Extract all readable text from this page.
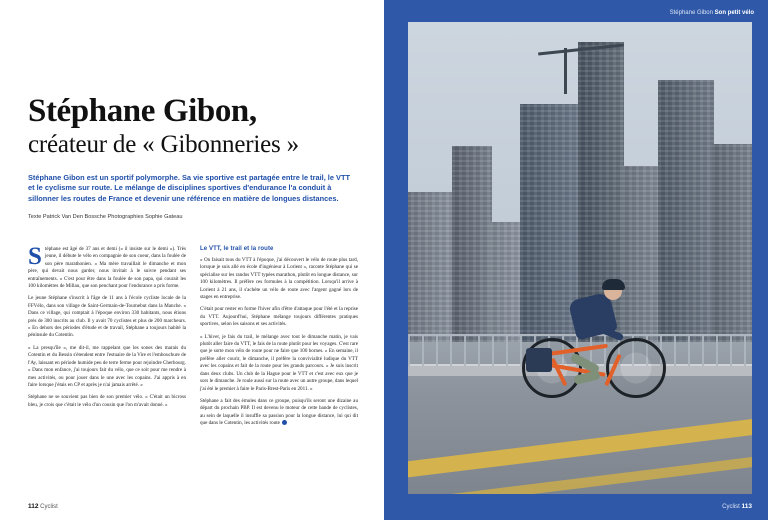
Stéphane Gibon,
créateur de « Gibonneries »
Stéphane Gibon est un sportif polymorphe. Sa vie sportive est partagée entre le trail, le VTT et le cyclisme sur route. Le mélange de disciplines sportives d'endurance l'a conduit à sillonner les routes de France et devenir une référence en matière de longues distances.
Texte Patrick Van Den Bossche Photographies Sophie Gateau

Stéphane est âgé de 37 ans et demi (« il insiste sur le demi »). Très jeune, il débute le vélo en compagnie de son coeur, dans la foulée de son père marathonien. « Ma mère travaillait le dimanche et mon père, qui devait nous garder, nous invitait à le suivre pendant ses entraînements. » C'est pour être dans la foulée de son papa, qui courait les 100 kilomètres de Millau, que son penchant pour l'endurance a pris forme.

Le jeune Stéphane s'inscrit à l'âge de 11 ans à l'école cycliste locale de la FFVélo, dans son village de Saint-Germain-de-Tournebut dans la Manche. « Dans ce village, qui comptait à l'époque environ 330 habitants, nous étions près de 300 inscrits au club. Il y avait 70 cyclistes et plus de 200 marcheurs. » En dehors des périodes d'étude et de travail, Stéphane a toujours habité la péninsule du Cotentin.

« La presqu'île », me dit-il, me rappelant que les sones des marais du Cotentin et du Bessin s'étendent entre l'estuaire de la Vire et l'embouchure de l'Ay, laissant en période humide peu de terre ferme pour rejoindre Cherbourg. « Dans mon enfance, j'ai toujours fait du vélo, que ce soit pour me rendre à mes activités, ou pour jouer dans le une avec les copains. J'ai appris à en faire lorsque j'étais en CP et après je n'ai jamais arrêté. »

Stéphane ne se souvient pas bien de son premier vélo. « C'était un bicross bleu, je crois que c'était le vélo d'un cousin que l'on m'avait donné. »

Le VTT, le trail et la route

« On faisait tous du VTT à l'époque, j'ai découvert le vélo de route plus tard, lorsque je suis allé en école d'ingénieur à Lorient », raconte Stéphane qui se spécialise sur les randos VTT typées marathon, plutôt en longue distance, sur 100 kilomètres. Il préfère ces formules à la compétition. Lorsqu'il arrive à Lorient à 21 ans, il s'achète un vélo de route avec l'argent gagné lors de stages en entreprise.

C'était pour rester en forme l'hiver afin d'être d'attaque pour l'été et la reprise du VTT. Aujourd'hui, Stéphane mélange toujours différentes pratiques sportives, selon les saisons et ses activités.

« L'hiver, je fais du trail, le mélange avec tout le dimanche matin, je vais plutôt aller faire du VTT, le fais de la route plutôt pour les voyages. C'est rare que je sorte mon vélo de route pour ne faire que 100 bornes. » En semaine, il préfère aller courir, le dimanche, il préfère la convivialité ludique du VTT avec les copains et fait de la route pour les grands parcours. « Je suis inscrit dans deux clubs. Un club de la Hague pour le VTT et c'est avec eux que je sors le dimanche. Je roule aussi sur la route avec un autre groupe, dans lequel j'ai été le premier à faire le Paris-Brest-Paris en 2011. »

Stéphane a fait des émules dans ce groupe, puisqu'ils seront une dizaine au départ du prochain PBP. Il est devenu le moteur de cette bande de cyclistes, au sein de laquelle il insuffle sa passion pour la longue distance, lui qui dit que dans le Cotentin, les activités route

112 Cyclist
Stéphane Gibon Son petit vélo
Cyclist 113
